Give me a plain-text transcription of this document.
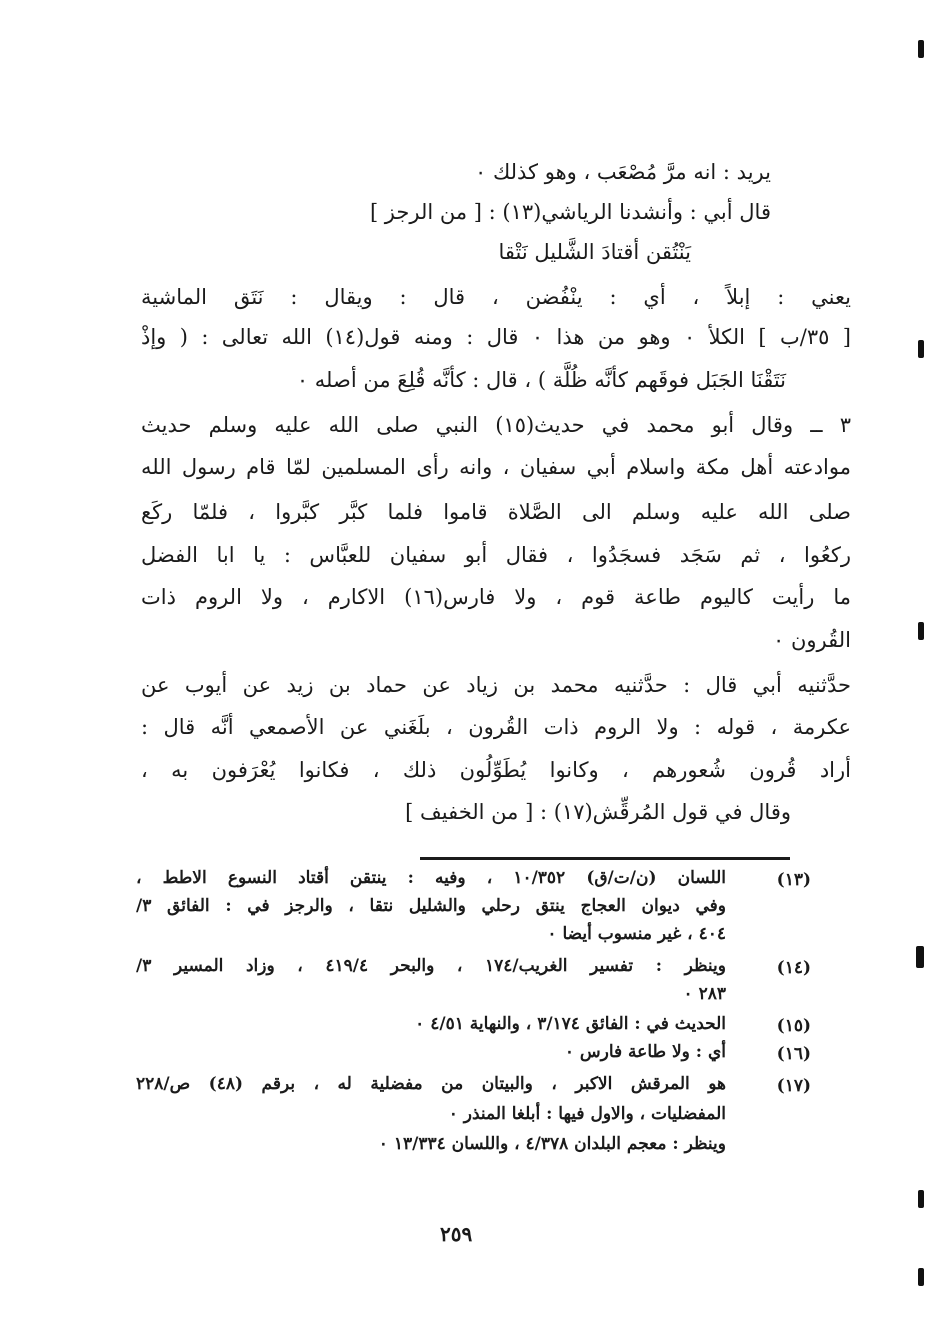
يريد : انه مرَّ مُصْعَب ، وهو كذلك ٠
قال أبي : وأنشدنا الرياشي(١٣) : [ من الرجز ]
يَنْتُقن أقتادَ الشَّليل نَتْقا
يعني : إبلاً ، أي : ينْفُضن ، قال : ويقال : نَتَق الماشية
[ ٣٥/ب ] الكلأ ٠ وهو من هذا ٠ قال : ومنه قول(١٤) الله تعالى : ( وإذْ
نَتَقْنَا الجَبَل فوقَهم كأنَّه ظُلَّة ) ، قال : كأنَّه قُلِعَ من أصله ٠
٣ ــ وقال أبو محمد في حديث(١٥) النبي صلى الله عليه وسلم حديث
موادعته أهل مكة واسلام أبي سفيان ، وانه رأى المسلمين لمّا قام رسول الله
صلى الله عليه وسلم الى الصَّلاة قاموا فلما كبَّر كبَّروا ، فلمّا ركَع
ركعُوا ، ثم سَجَد فسجَدُوا ، فقال أبو سفيان للعبَّاس : يا ابا الفضل
ما رأيت كاليوم طاعة قوم ، ولا فارس(١٦) الاكارم ، ولا الروم ذات
القُرون ٠
حدَّثنيه أبي قال : حدَّثنيه محمد بن زياد عن حماد بن زيد عن أيوب عن
عكرمة ، قوله : ولا الروم ذات القُرون ، بلَغَني عن الأصمعي أنَّه قال :
أراد قُرون شُعورهم ، وكانوا يُطَوِّلُون ذلك ، فكانوا يُعْرَفون به ،
وقال في قول المُرقِّش(١٧) : [ من الخفيف ]
(١٣)
اللسان (ن/ت/ق) ١٠/٣٥٢ ، وفيه : ينتقن أقتاد النسوع الاطط ،
وفي ديوان العجاج ينتق رحلي والشليل نتقا ، والرجز في : الفائق ٣/
٤٠٤ ، غير منسوب أيضا ٠
(١٤)
وينظر : تفسير الغريب/١٧٤ ، والبحر ٤١٩/٤ ، وزاد المسير ٣/
٢٨٣ ٠
(١٥)
الحديث في : الفائق ٣/١٧٤ ، والنهاية ٤/٥١ ٠
(١٦)
أي : ولا طاعة فارس ٠
(١٧)
هو المرقش الاكبر ، والبيتان من مفضلية له ، برقم (٤٨) ص/٢٢٨
المفضليات ، والاول فيها : أبلغا المنذر ٠
وينظر : معجم البلدان ٤/٣٧٨ ، واللسان ١٣/٣٣٤ ٠
٢٥٩
